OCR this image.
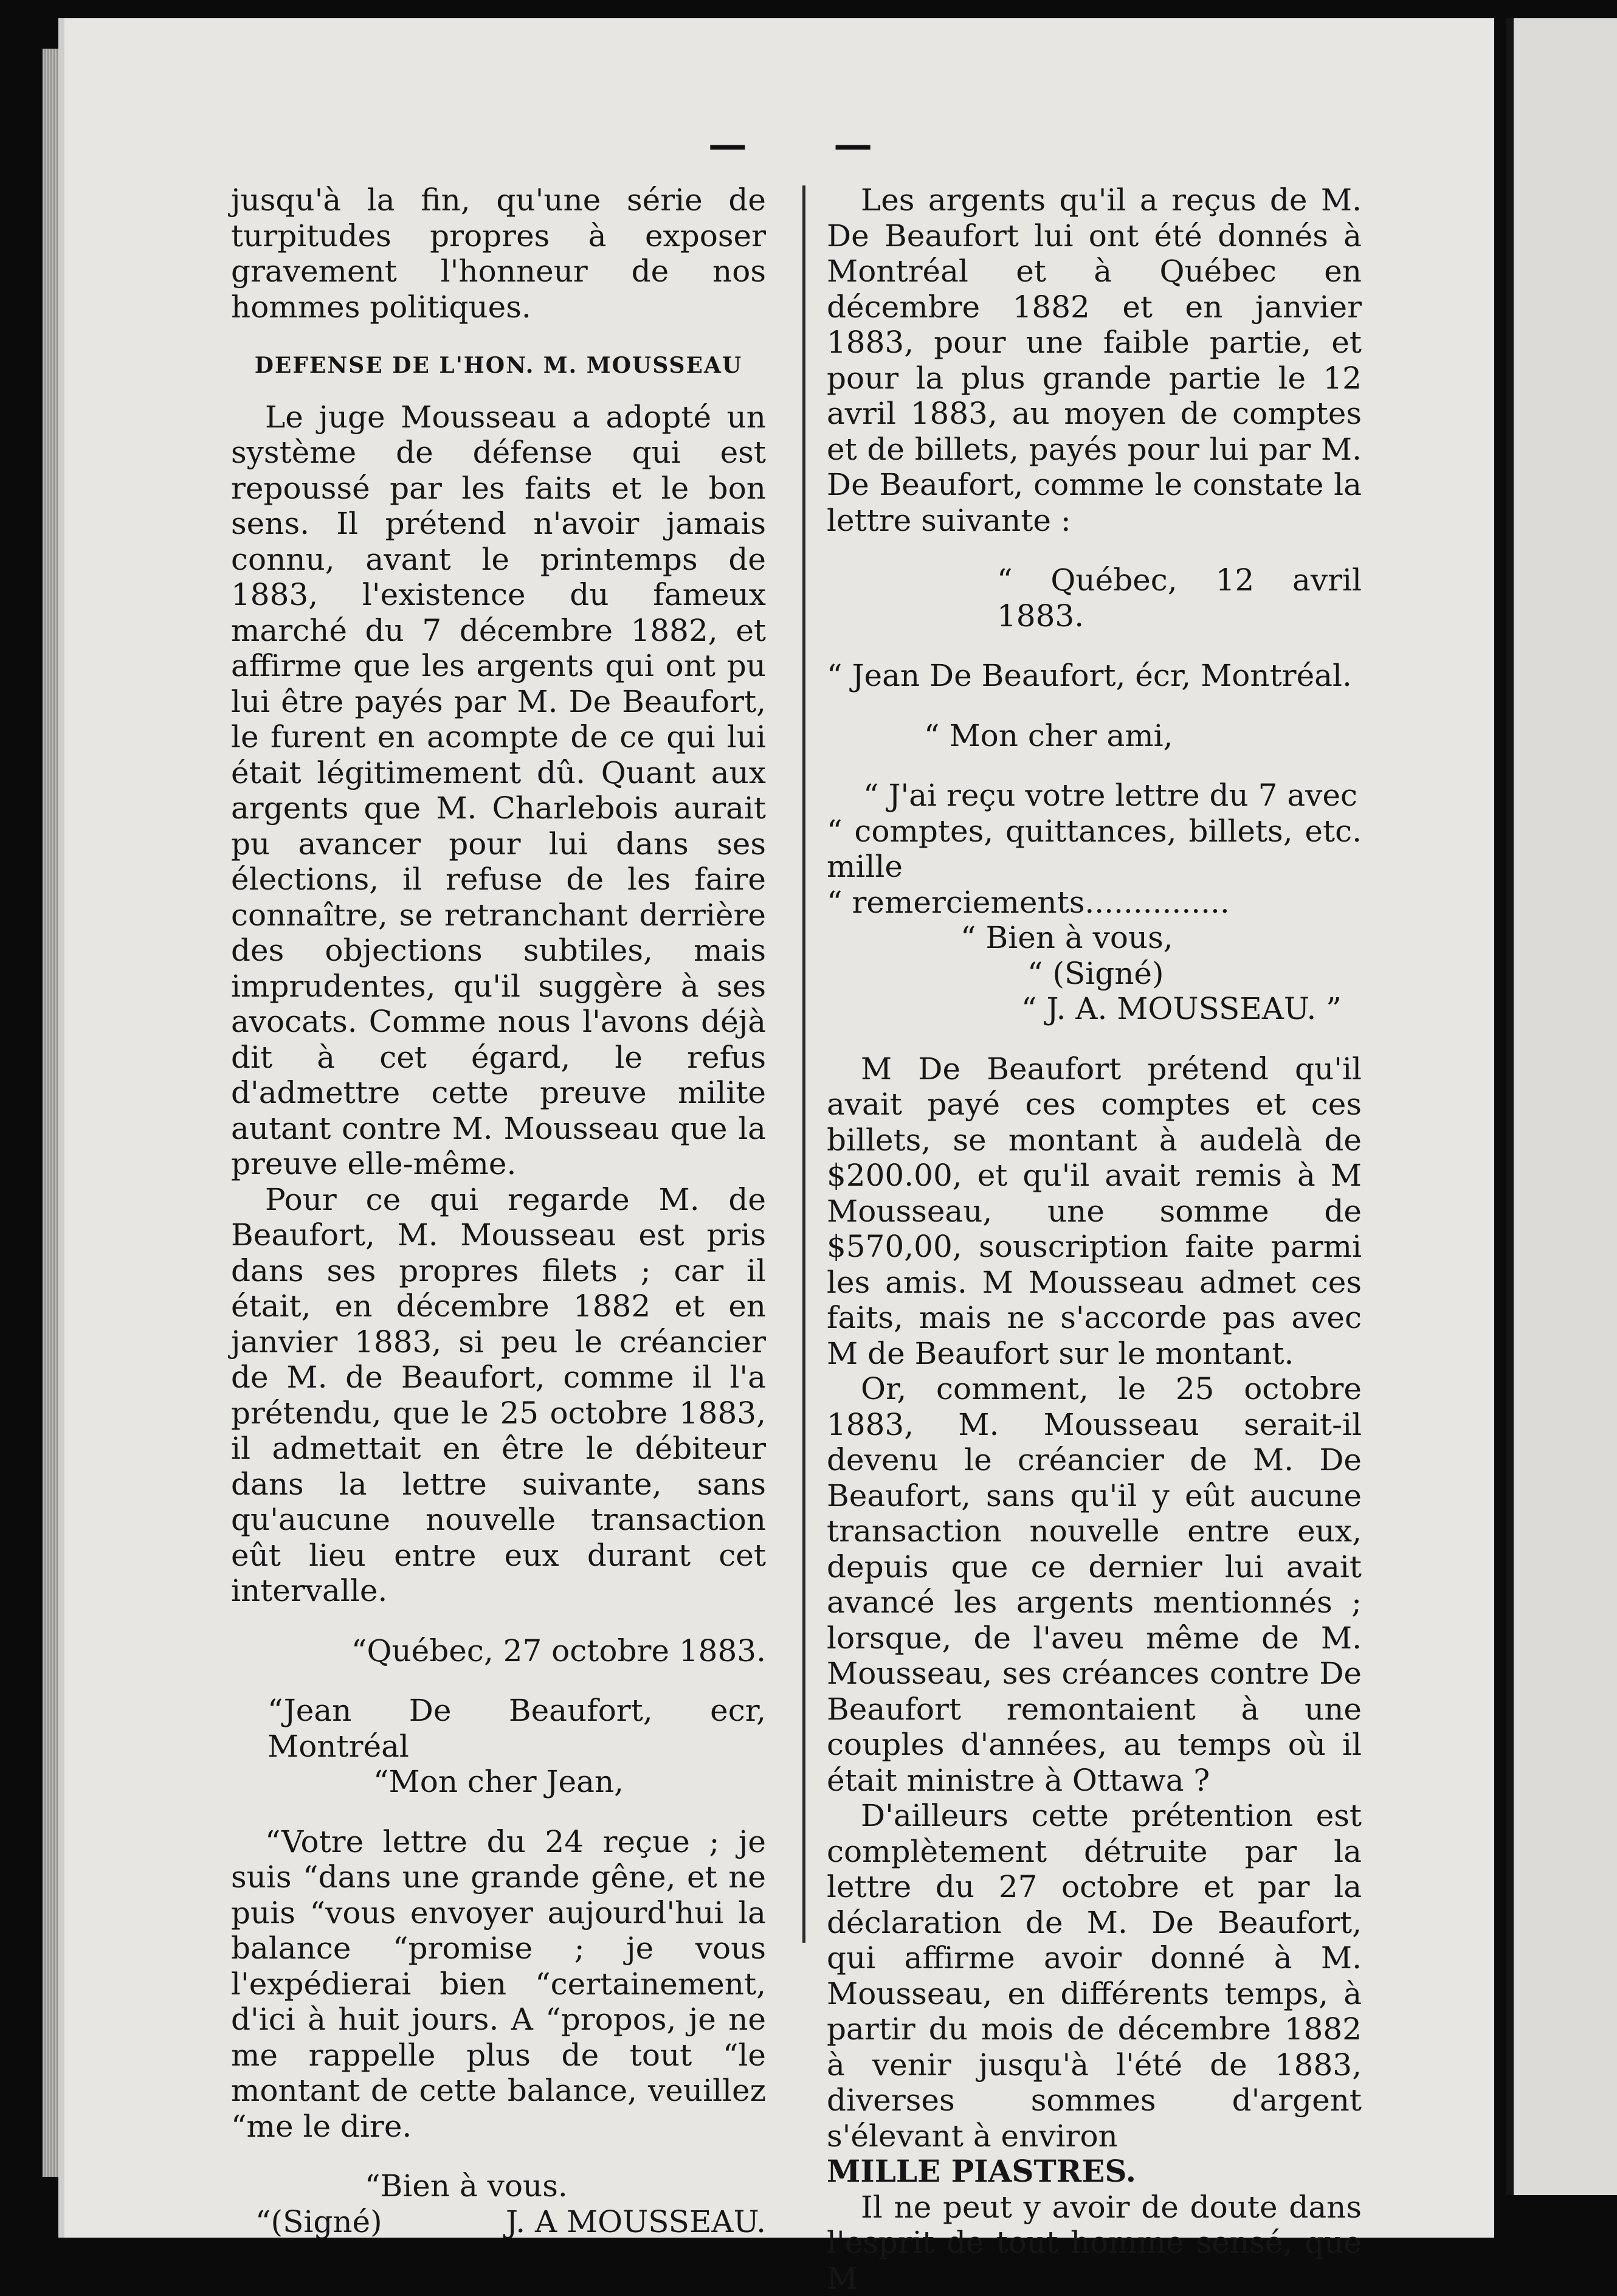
— —

jusqu'à la fin, qu'une série de turpitudes propres à exposer gravement l'honneur de nos hommes politiques.

DEFENSE DE L'HON. M. MOUSSEAU

Le juge Mousseau a adopté un système de défense qui est repoussé par les faits et le bon sens. Il prétend n'avoir jamais connu, avant le printemps de 1883, l'existence du fameux marché du 7 décembre 1882, et affirme que les argents qui ont pu lui être payés par M. De Beaufort, le furent en acompte de ce qui lui était légitimement dû. Quant aux argents que M. Charlebois aurait pu avancer pour lui dans ses élections, il refuse de les faire connaître, se retranchant derrière des objections subtiles, mais imprudentes, qu'il suggère à ses avocats. Comme nous l'avons déjà dit à cet égard, le refus d'admettre cette preuve milite autant contre M. Mousseau que la preuve elle-même.

Pour ce qui regarde M. de Beaufort, M. Mousseau est pris dans ses propres filets ; car il était, en décembre 1882 et en janvier 1883, si peu le créancier de M. de Beaufort, comme il l'a prétendu, que le 25 octobre 1883, il admettait en être le débiteur dans la lettre suivante, sans qu'aucune nouvelle transaction eût lieu entre eux durant cet intervalle.

“Québec, 27 octobre 1883.

“Jean De Beaufort, ecr, Montréal

“Mon cher Jean,

“Votre lettre du 24 reçue ; je suis “dans une grande gêne, et ne puis “vous envoyer aujourd'hui la balance “promise ; je vous l'expédierai bien “certainement, d'ici à huit jours. A “propos, je ne me rappelle plus de tout “le montant de cette balance, veuillez “me le dire.

“Bien à vous.

“(Signé)	J. A MOUSSEAU.

Les argents qu'il a reçus de M. De Beaufort lui ont été donnés à Montréal et à Québec en décembre 1882 et en janvier 1883, pour une faible partie, et pour la plus grande partie le 12 avril 1883, au moyen de comptes et de billets, payés pour lui par M. De Beaufort, comme le constate la lettre suivante :

“ Québec, 12 avril 1883.

“ Jean De Beaufort, écr, Montréal.

“ Mon cher ami,

“ J'ai reçu votre lettre du 7 avec

“ comptes, quittances, billets, etc. mille

“ remerciements...............

“ Bien à vous,

“ (Signé)

“ J. A. MOUSSEAU. ”

M De Beaufort prétend qu'il avait payé ces comptes et ces billets, se montant à audelà de $200.00, et qu'il avait remis à M Mousseau, une somme de $570,00, souscription faite parmi les amis. M Mousseau admet ces faits, mais ne s'accorde pas avec M de Beaufort sur le montant.

Or, comment, le 25 octobre 1883, M. Mousseau serait-il devenu le créancier de M. De Beaufort, sans qu'il y eût aucune transaction nouvelle entre eux, depuis que ce dernier lui avait avancé les argents mentionnés ; lorsque, de l'aveu même de M. Mousseau, ses créances contre De Beaufort remontaient à une couples d'années, au temps où il était ministre à Ottawa ?

D'ailleurs cette prétention est complètement détruite par la lettre du 27 octobre et par la déclaration de M. De Beaufort, qui affirme avoir donné à M. Mousseau, en différents temps, à partir du mois de décembre 1882 à venir jusqu'à l'été de 1883, diverses sommes d'argent s'élevant à environ

MILLE PIASTRES.

Il ne peut y avoir de doute dans l'esprit de tout homme sensé, que M
